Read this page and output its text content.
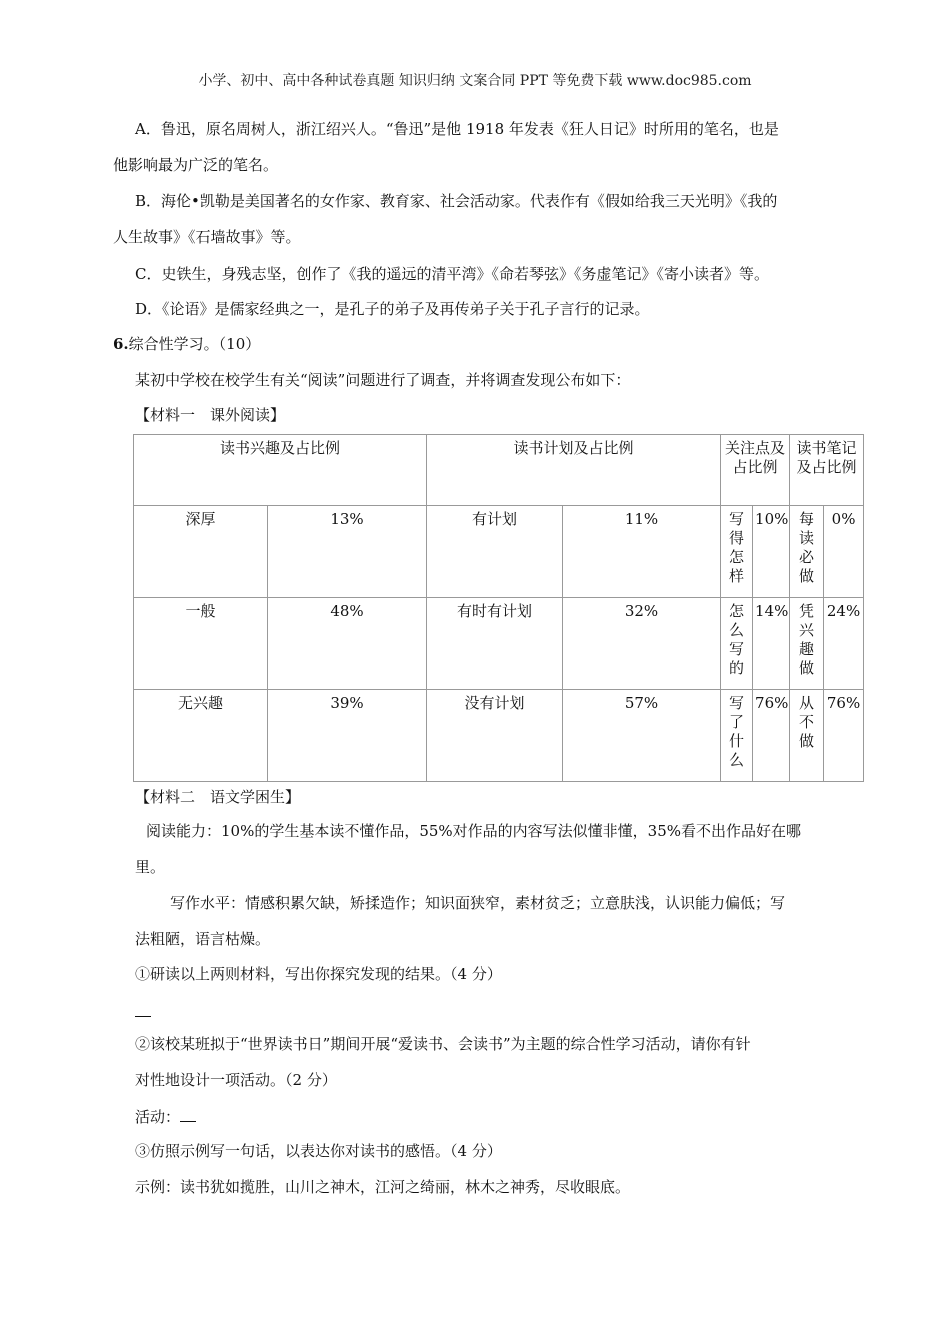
小学、初中、高中各种试卷真题 知识归纳 文案合同 PPT 等免费下载 www.doc985.com
A．鲁迅，原名周树人，浙江绍兴人。“鲁迅”是他 1918 年发表《狂人日记》时所用的笔名，也是
他影响最为广泛的笔名。
B．海伦•凯勒是美国著名的女作家、教育家、社会活动家。代表作有《假如给我三天光明》《我的
人生故事》《石墙故事》等。
C．史铁生，身残志坚，创作了《我的遥远的清平湾》《命若琴弦》《务虚笔记》《寄小读者》等。
D．《论语》是儒家经典之一，是孔子的弟子及再传弟子关于孔子言行的记录。
6.综合性学习。（10）
某初中学校在校学生有关“阅读”问题进行了调查，并将调查发现公布如下：
【材料一　课外阅读】
读书兴趣及占比例		读书计划及占比例		关注点及占比例		读书笔记及占比例	
深厚	13%	有计划	11%	写得怎样	10%	每读必做	0%
一般	48%	有时有计划	32%	怎么写的	14%	凭兴趣做	24%
无兴趣	39%	没有计划	57%	写了什么	76%	从不做	76%
【材料二　语文学困生】
阅读能力：10%的学生基本读不懂作品，55%对作品的内容写法似懂非懂，35%看不出作品好在哪
里。
写作水平：情感积累欠缺，矫揉造作；知识面狭窄，素材贫乏；立意肤浅，认识能力偏低；写
法粗陋，语言枯燥。
①研读以上两则材料，写出你探究发现的结果。（4 分）
②该校某班拟于“世界读书日”期间开展“爱读书、会读书”为主题的综合性学习活动，请你有针
对性地设计一项活动。（2 分）
活动：
③仿照示例写一句话，以表达你对读书的感悟。（4 分）
示例：读书犹如揽胜，山川之神木，江河之绮丽，林木之神秀，尽收眼底。
